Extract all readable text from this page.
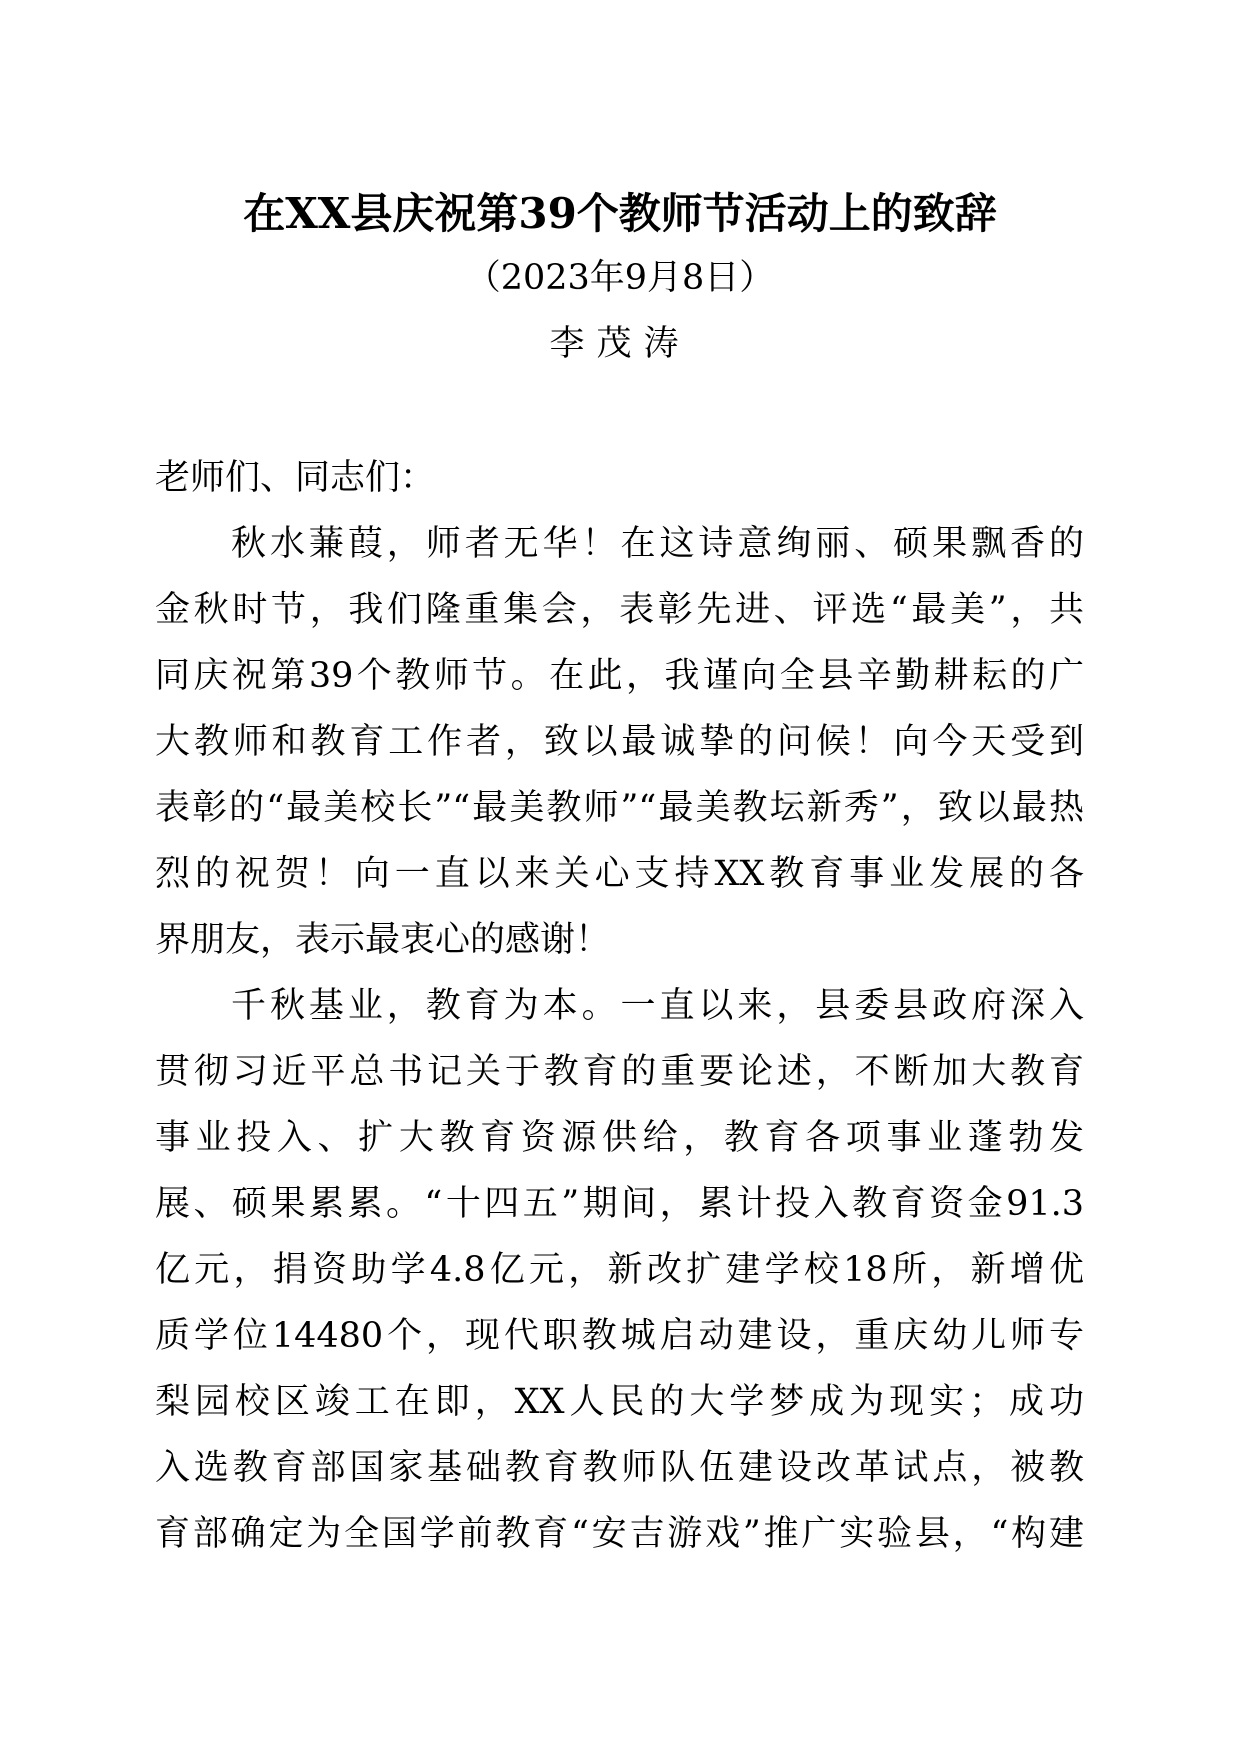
在XX县庆祝第39个教师节活动上的致辞
（2023年9月8日）
李茂涛

老师们、同志们：

秋水蒹葭，师者无华！在这诗意绚丽、硕果飘香的
金秋时节，我们隆重集会，表彰先进、评选“最美”，共
同庆祝第39个教师节。在此，我谨向全县辛勤耕耘的广
大教师和教育工作者，致以最诚挚的问候！向今天受到
表彰的“最美校长”“最美教师”“最美教坛新秀”，致以最热
烈的祝贺！向一直以来关心支持XX教育事业发展的各
界朋友，表示最衷心的感谢！
千秋基业，教育为本。一直以来，县委县政府深入
贯彻习近平总书记关于教育的重要论述，不断加大教育
事业投入、扩大教育资源供给，教育各项事业蓬勃发
展、硕果累累。“十四五”期间，累计投入教育资金91.3
亿元，捐资助学4.8亿元，新改扩建学校18所，新增优
质学位14480个，现代职教城启动建设，重庆幼儿师专
梨园校区竣工在即，XX人民的大学梦成为现实；成功
入选教育部国家基础教育教师队伍建设改革试点，被教
育部确定为全国学前教育“安吉游戏”推广实验县，“构建
